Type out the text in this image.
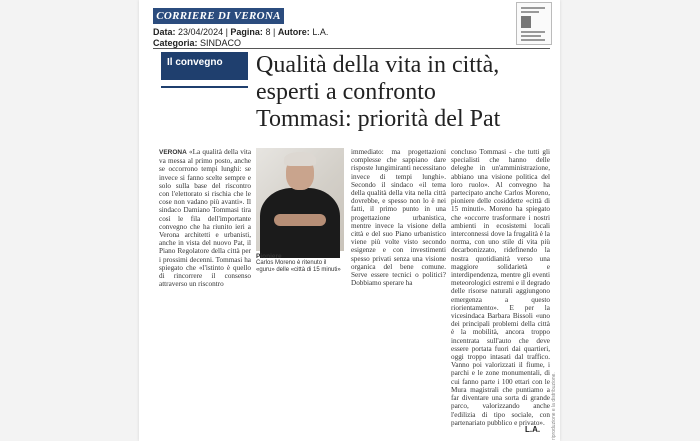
CORRIERE DI VERONA
Data: 23/04/2024 | Pagina: 8 | Autore: L.A.
Categoria: SINDACO
Il convegno	Qualità della vita in città,
esperti a confronto
Tommasi: priorità del Pat
VERONA «La qualità della vita va messa al primo posto, anche se occorrono tempi lunghi: se invece si fanno scelte sempre e solo sulla base del riscontro con l'elettorato si rischia che le cose non vadano più avanti». Il sindaco Damiano Tommasi tira così le fila dell'importante convegno che ha riunito ieri a Verona architetti e urbanisti, anche in vista del nuovo Pat, il Piano Regolatore della città per i prossimi decenni. Tommasi ha spiegato che «l'istinto è quello di rincorrere il consenso attraverso un riscontro
Pioniere
Carlos Moreno è ritenuto il «guru» delle «città di 15 minuti»
immediato: ma progettazioni complesse che sappiano dare risposte lungimiranti necessitano invece di tempi lunghi». Secondo il sindaco «il tema della qualità della vita nella città dovrebbe, e spesso non lo è nei fatti, il primo punto in una progettazione urbanistica, mentre invece la visione della città e del suo Piano urbanistico viene più volte visto secondo esigenze e con investimenti spesso privati senza una visione organica del bene comune. Serve essere tecnici o politici? Dobbiamo sperare ha
concluso Tommasi - che tutti gli specialisti che hanno delle deleghe in un'amministrazione, abbiano una visione politica del loro ruolo». Al convegno ha partecipato anche Carlos Moreno, pioniere delle cosiddette «città di 15 minuti». Moreno ha spiegato che «occorre trasformare i nostri ambienti in ecosistemi locali interconnessi dove la frugalità è la norma, con uno stile di vita più decarbonizzato, ridefinendo la nostra quotidianità verso una maggiore solidarietà e interdipendenza, mentre gli eventi meteorologici estremi e il degrado delle risorse naturali aggiungono emergenza a questo riorientamento». E per la vicesindaca Barbara Bissoli «uno dei principali problemi della città è la mobilità, ancora troppo incentrata sull'auto che deve essere portata fuori dai quartieri, oggi troppo intasati dal traffico. Vanno poi valorizzati il fiume, i parchi e le zone monumentali, di cui fanno parte i 100 ettari con le Mura magistrali che puntiamo a far diventare una sorta di grande parco, valorizzando anche l'edilizia di tipo sociale, con partenariato pubblico e privato».
L.A. riproduzione e la distribuzione.
